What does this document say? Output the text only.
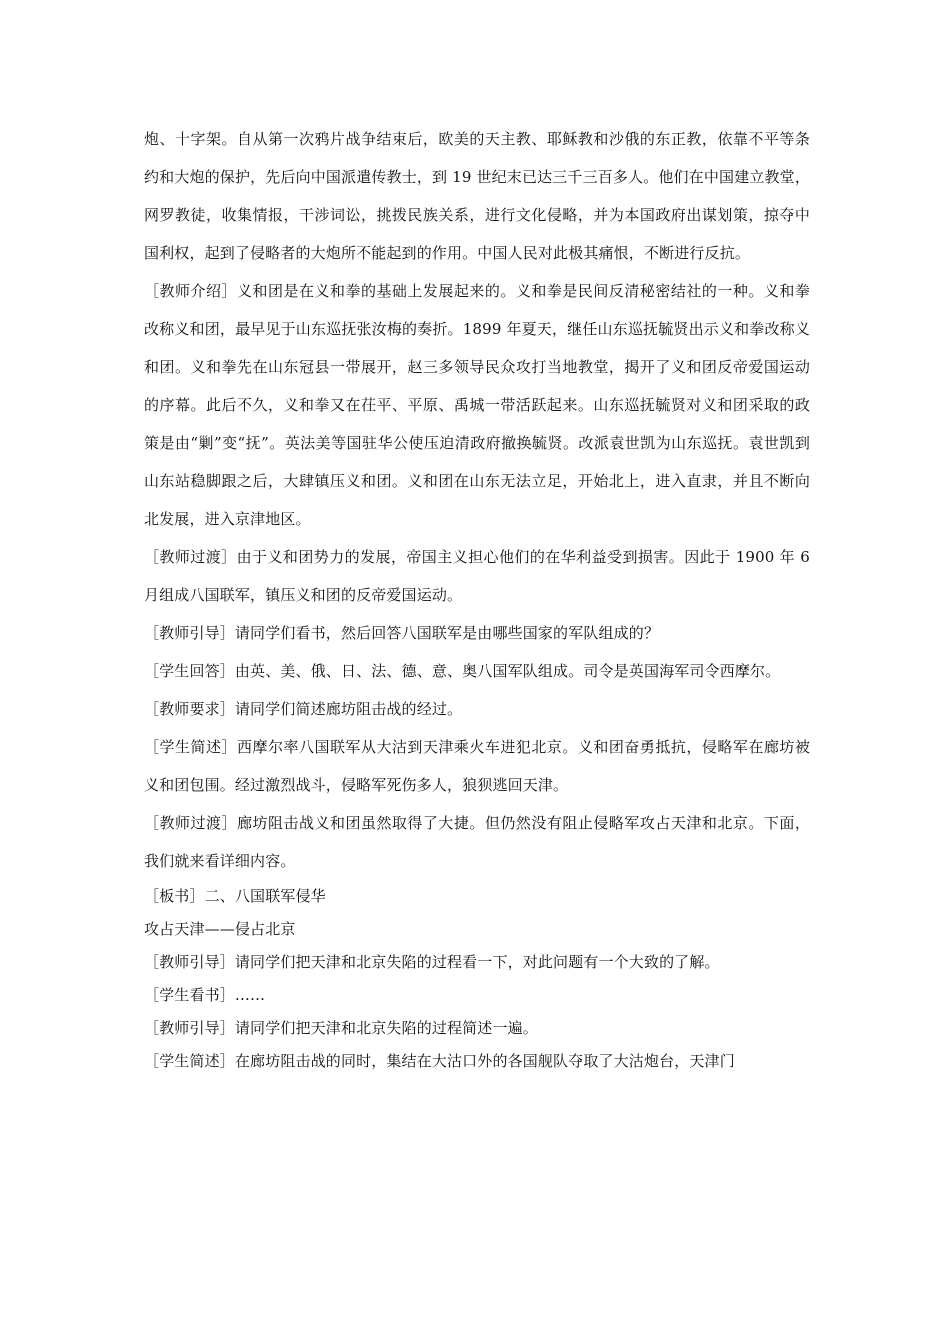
炮、十字架。自从第一次鸦片战争结束后，欧美的天主教、耶稣教和沙俄的东正教，依靠不平等条约和大炮的保护，先后向中国派遣传教士，到 19 世纪末已达三千三百多人。他们在中国建立教堂，网罗教徒，收集情报，干涉词讼，挑拨民族关系，进行文化侵略，并为本国政府出谋划策，掠夺中国利权，起到了侵略者的大炮所不能起到的作用。中国人民对此极其痛恨，不断进行反抗。

［教师介绍］义和团是在义和拳的基础上发展起来的。义和拳是民间反清秘密结社的一种。义和拳改称义和团，最早见于山东巡抚张汝梅的奏折。1899 年夏天，继任山东巡抚毓贤出示义和拳改称义和团。义和拳先在山东冠县一带展开，赵三多领导民众攻打当地教堂，揭开了义和团反帝爱国运动的序幕。此后不久，义和拳又在茌平、平原、禹城一带活跃起来。山东巡抚毓贤对义和团采取的政策是由“剿”变“抚”。英法美等国驻华公使压迫清政府撤换毓贤。改派袁世凯为山东巡抚。袁世凯到山东站稳脚跟之后，大肆镇压义和团。义和团在山东无法立足，开始北上，进入直隶，并且不断向北发展，进入京津地区。

［教师过渡］由于义和团势力的发展，帝国主义担心他们的在华利益受到损害。因此于 1900 年 6 月组成八国联军，镇压义和团的反帝爱国运动。

［教师引导］请同学们看书，然后回答八国联军是由哪些国家的军队组成的？

［学生回答］由英、美、俄、日、法、德、意、奥八国军队组成。司令是英国海军司令西摩尔。

［教师要求］请同学们简述廊坊阻击战的经过。

［学生简述］西摩尔率八国联军从大沽到天津乘火车进犯北京。义和团奋勇抵抗，侵略军在廊坊被义和团包围。经过激烈战斗，侵略军死伤多人，狼狈逃回天津。

［教师过渡］廊坊阻击战义和团虽然取得了大捷。但仍然没有阻止侵略军攻占天津和北京。下面，我们就来看详细内容。

［板书］二、八国联军侵华

攻占天津——侵占北京

［教师引导］请同学们把天津和北京失陷的过程看一下，对此问题有一个大致的了解。

［学生看书］……

［教师引导］请同学们把天津和北京失陷的过程简述一遍。

［学生简述］在廊坊阻击战的同时，集结在大沽口外的各国舰队夺取了大沽炮台，天津门
